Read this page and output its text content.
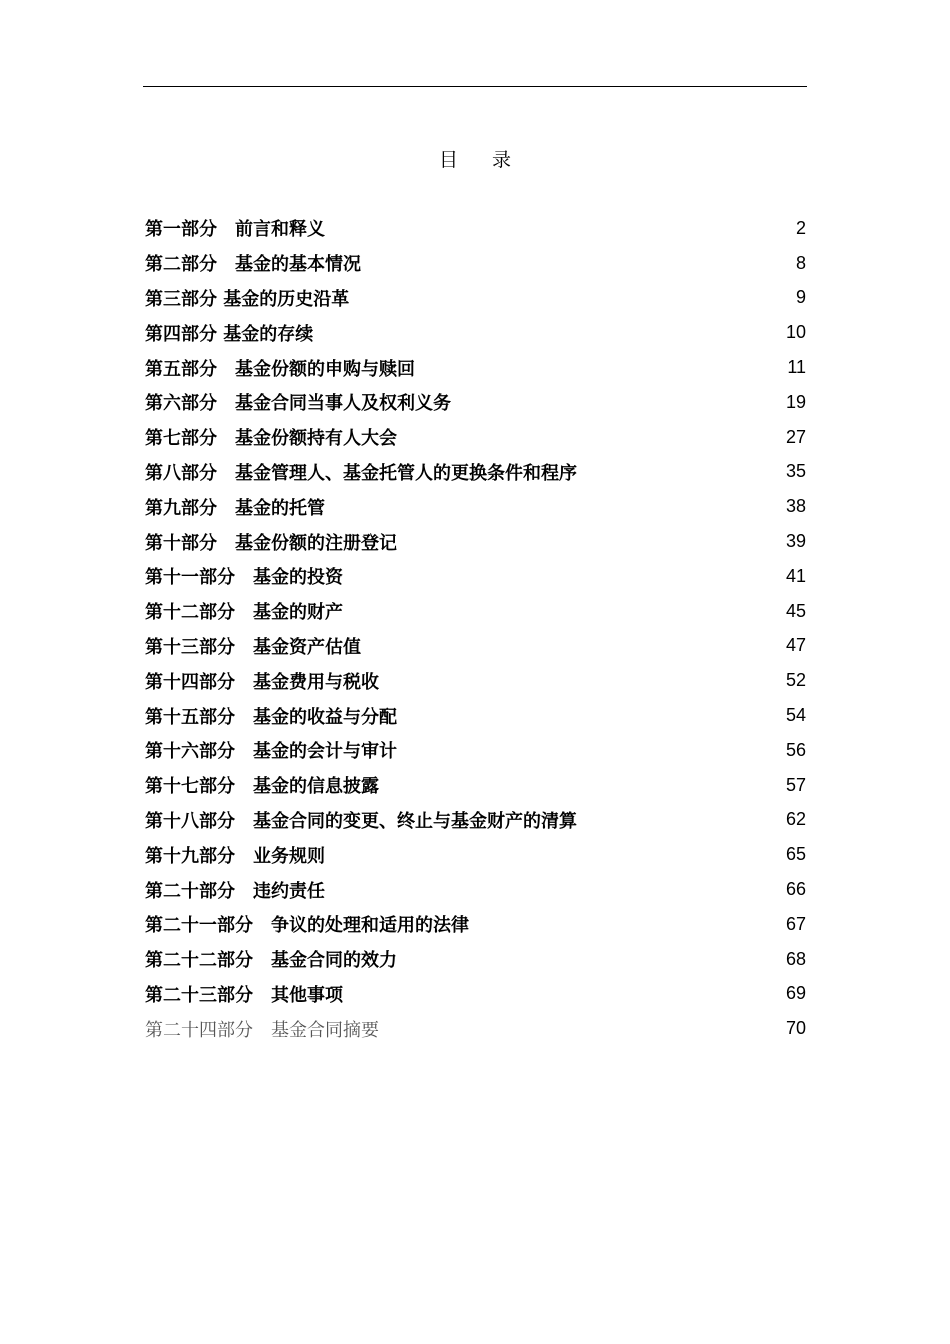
目录
第一部分　前言和释义	2
第二部分　基金的基本情况	8
第三部分 基金的历史沿革	9
第四部分 基金的存续	10
第五部分　基金份额的申购与赎回	11
第六部分　基金合同当事人及权利义务	19
第七部分　基金份额持有人大会	27
第八部分　基金管理人、基金托管人的更换条件和程序	35
第九部分　基金的托管	38
第十部分　基金份额的注册登记	39
第十一部分　基金的投资	41
第十二部分　基金的财产	45
第十三部分　基金资产估值	47
第十四部分　基金费用与税收	52
第十五部分　基金的收益与分配	54
第十六部分　基金的会计与审计	56
第十七部分　基金的信息披露	57
第十八部分　基金合同的变更、终止与基金财产的清算	62
第十九部分　业务规则	65
第二十部分　违约责任	66
第二十一部分　争议的处理和适用的法律	67
第二十二部分　基金合同的效力	68
第二十三部分　其他事项	69
第二十四部分　基金合同摘要	70
